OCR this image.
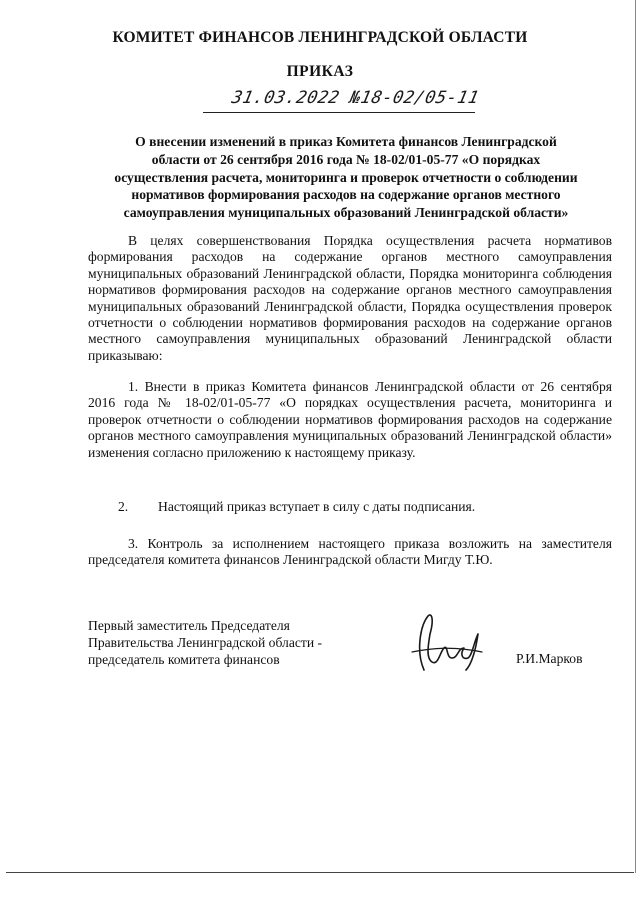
КОМИТЕТ ФИНАНСОВ ЛЕНИНГРАДСКОЙ ОБЛАСТИ
ПРИКАЗ
31.03.2022 №18-02/05-11
О внесении изменений в приказ Комитета финансов Ленинградской
области от 26 сентября 2016 года № 18-02/01-05-77 «О порядках
осуществления расчета, мониторинга и проверок отчетности о соблюдении
нормативов формирования расходов на содержание органов местного
самоуправления муниципальных образований Ленинградской области»
В целях совершенствования Порядка осуществления расчета нормативов формирования расходов на содержание органов местного самоуправления муниципальных образований Ленинградской области, Порядка мониторинга соблюдения нормативов формирования расходов на содержание органов местного самоуправления муниципальных образований Ленинградской области, Порядка осуществления проверок отчетности о соблюдении нормативов формирования расходов на содержание органов местного самоуправления муниципальных образований Ленинградской области приказываю:
1. Внести в приказ Комитета финансов Ленинградской области от 26 сентября 2016 года № 18-02/01-05-77 «О порядках осуществления расчета, мониторинга и проверок отчетности о соблюдении нормативов формирования расходов на содержание органов местного самоуправления муниципальных образований Ленинградской области» изменения согласно приложению к настоящему приказу.
2. Настоящий приказ вступает в силу с даты подписания.
3. Контроль за исполнением настоящего приказа возложить на заместителя председателя комитета финансов Ленинградской области Мигду Т.Ю.
Первый заместитель Председателя
Правительства Ленинградской области -
председатель комитета финансов	Р.И.Марков
